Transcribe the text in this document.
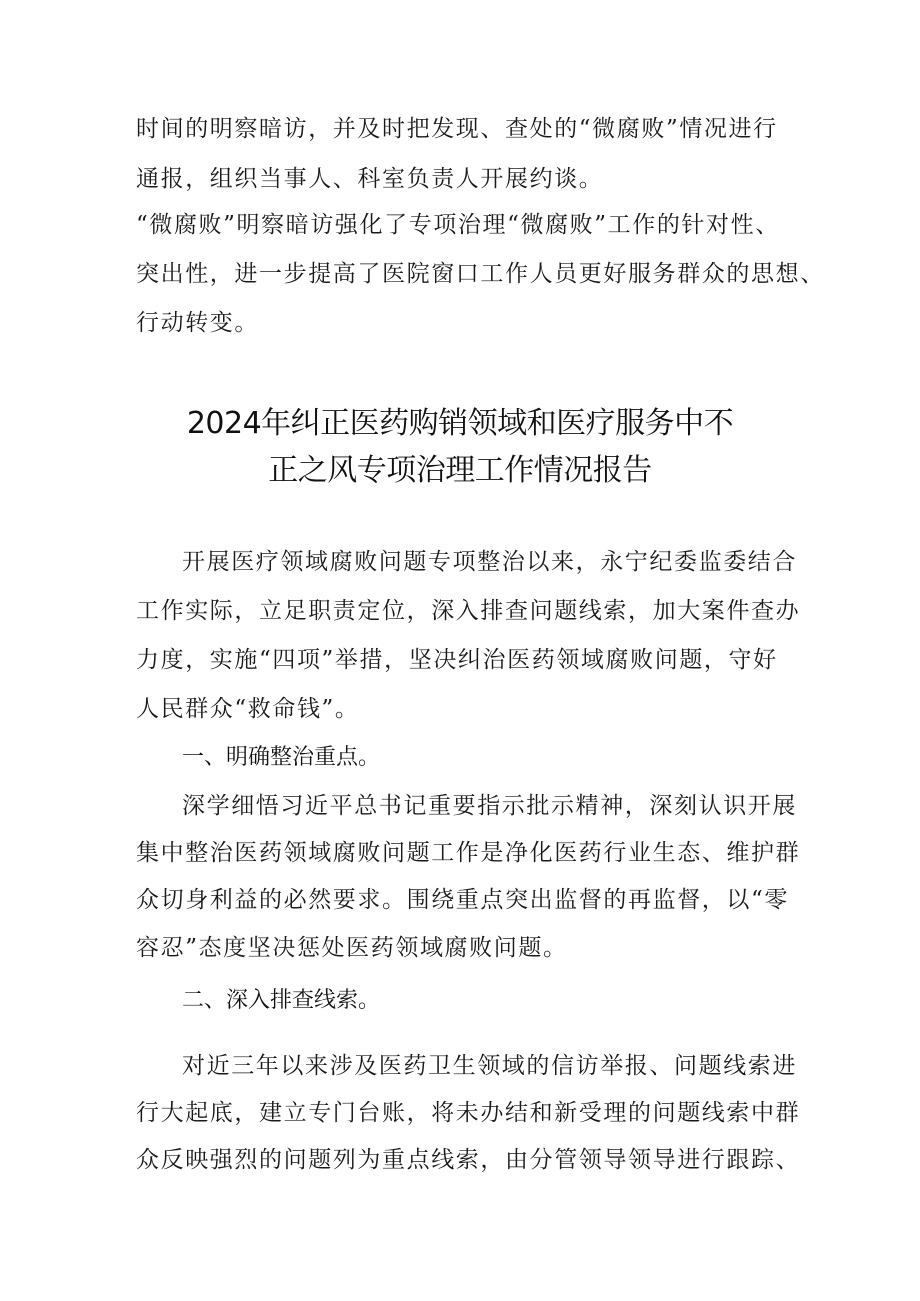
时间的明察暗访，并及时把发现、查处的“微腐败”情况进行
通报，组织当事人、科室负责人开展约谈。
“微腐败”明察暗访强化了专项治理“微腐败”工作的针对性、
突出性，进一步提高了医院窗口工作人员更好服务群众的思想、
行动转变。
2024年纠正医药购销领域和医疗服务中不
正之风专项治理工作情况报告
开展医疗领域腐败问题专项整治以来，永宁纪委监委结合
工作实际，立足职责定位，深入排查问题线索，加大案件查办
力度，实施“四项”举措，坚决纠治医药领域腐败问题，守好
人民群众“救命钱”。
一、明确整治重点。
深学细悟习近平总书记重要指示批示精神，深刻认识开展
集中整治医药领域腐败问题工作是净化医药行业生态、维护群
众切身利益的必然要求。围绕重点突出监督的再监督，以“零
容忍”态度坚决惩处医药领域腐败问题。
二、深入排查线索。
对近三年以来涉及医药卫生领域的信访举报、问题线索进
行大起底，建立专门台账，将未办结和新受理的问题线索中群
众反映强烈的问题列为重点线索，由分管领导领导进行跟踪、
